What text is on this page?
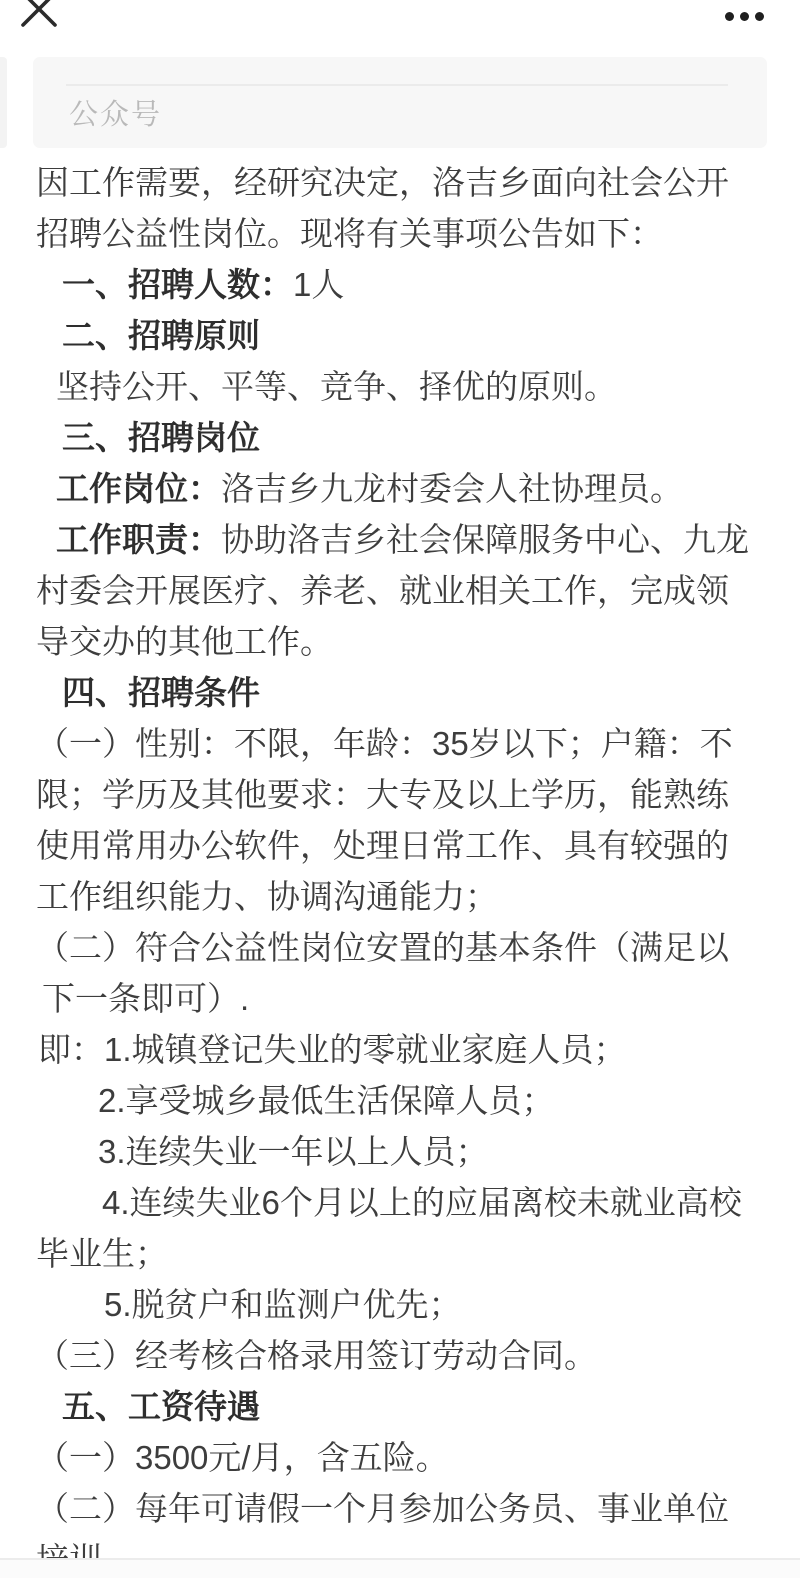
公众号
因工作需要，经研究决定，洛吉乡面向社会公开
招聘公益性岗位。现将有关事项公告如下：
一、招聘人数：1人
二、招聘原则
坚持公开、平等、竞争、择优的原则。
三、招聘岗位
工作岗位：洛吉乡九龙村委会人社协理员。
工作职责：协助洛吉乡社会保障服务中心、九龙
村委会开展医疗、养老、就业相关工作，完成领
导交办的其他工作。
四、招聘条件
（一）性别：不限，年龄：35岁以下；户籍：不
限；学历及其他要求：大专及以上学历，能熟练
使用常用办公软件，处理日常工作、具有较强的
工作组织能力、协调沟通能力；
（二）符合公益性岗位安置的基本条件（满足以
下一条即可）.
即：1.城镇登记失业的零就业家庭人员；
2.享受城乡最低生活保障人员；
3.连续失业一年以上人员；
4.连续失业6个月以上的应届离校未就业高校
毕业生；
5.脱贫户和监测户优先；
（三）经考核合格录用签订劳动合同。
五、工资待遇
（一）3500元/月，含五险。
（二）每年可请假一个月参加公务员、事业单位
